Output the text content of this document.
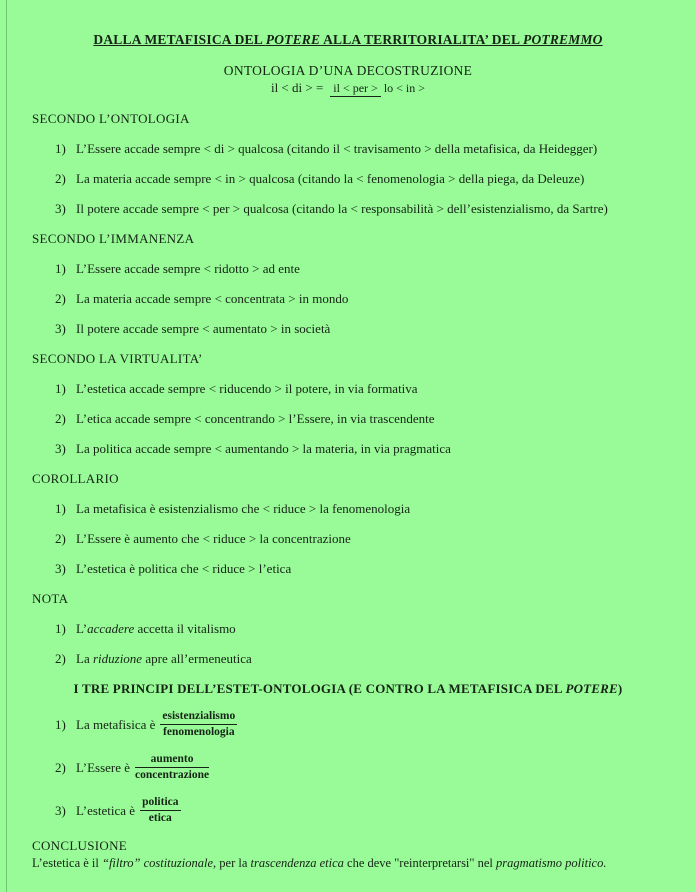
DALLA METAFISICA DEL POTERE ALLA TERRITORIALITA’ DEL POTREMMO
ONTOLOGIA D’UNA DECOSTRUZIONE
il < di > = il < per > lo < in >
SECONDO L’ONTOLOGIA
1) L’Essere accade sempre < di > qualcosa (citando il < travisamento > della metafisica, da Heidegger)
2) La materia accade sempre < in > qualcosa (citando la < fenomenologia > della piega, da Deleuze)
3) Il potere accade sempre < per > qualcosa (citando la < responsabilità > dell’esistenzialismo, da Sartre)
SECONDO L’IMMANENZA
1) L’Essere accade sempre < ridotto > ad ente
2) La materia accade sempre < concentrata > in mondo
3) Il potere accade sempre < aumentato > in società
SECONDO LA VIRTUALITA’
1) L’estetica accade sempre < riducendo > il potere, in via formativa
2) L’etica accade sempre < concentrando > l’Essere, in via trascendente
3) La politica accade sempre < aumentando > la materia, in via pragmatica
COROLLARIO
1) La metafisica è esistenzialismo che < riduce > la fenomenologia
2) L’Essere è aumento che < riduce > la concentrazione
3) L’estetica è politica che < riduce > l’etica
NOTA
1) L’accadere accetta il vitalismo
2) La riduzione apre all’ermeneutica
I TRE PRINCIPI DELL’ESTET-ONTOLOGIA (E CONTRO LA METAFISICA DEL POTERE)
1) La metafisica è
esistenzialismo
fenomenologia
2) L’Essere è
aumento
concentrazione
3) L’estetica è
politica
etica
CONCLUSIONE
L’estetica è il “filtro” costituzionale, per la trascendenza etica che deve "reinterpretarsi" nel pragmatismo politico.
